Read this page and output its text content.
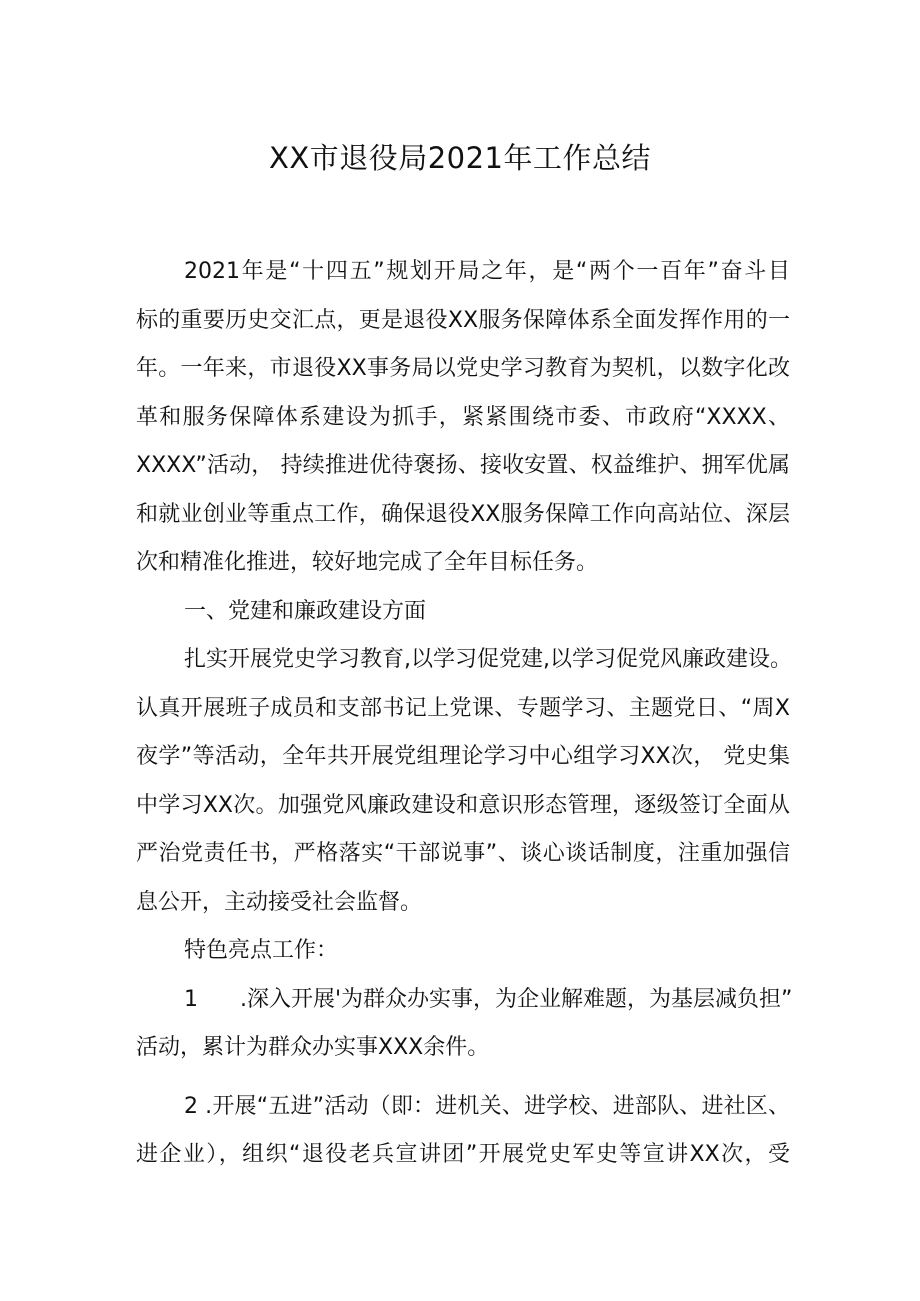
XX市退役局2021年工作总结
2021年是“十四五”规划开局之年，是“两个一百年”奋斗目
标的重要历史交汇点，更是退役XX服务保障体系全面发挥作用的一
年。一年来，市退役XX事务局以党史学习教育为契机，以数字化改
革和服务保障体系建设为抓手，紧紧围绕市委、市政府“XXXX、
XXXX”活动， 持续推进优待褒扬、接收安置、权益维护、拥军优属
和就业创业等重点工作，确保退役XX服务保障工作向高站位、深层
次和精准化推进，较好地完成了全年目标任务。
一、党建和廉政建设方面
扎实开展党史学习教育,以学习促党建,以学习促党风廉政建设。
认真开展班子成员和支部书记上党课、专题学习、主题党日、“周X
夜学”等活动，全年共开展党组理论学习中心组学习XX次， 党史集
中学习XX次。加强党风廉政建设和意识形态管理，逐级签订全面从
严治党责任书，严格落实“干部说事”、谈心谈话制度，注重加强信
息公开，主动接受社会监督。
特色亮点工作：
1 .深入开展'为群众办实事，为企业解难题，为基层减负担”
活动，累计为群众办实事XXX余件。
2 .开展“五进”活动（即：进机关、进学校、进部队、进社区、
进企业），组织“退役老兵宣讲团”开展党史军史等宣讲XX次，受
